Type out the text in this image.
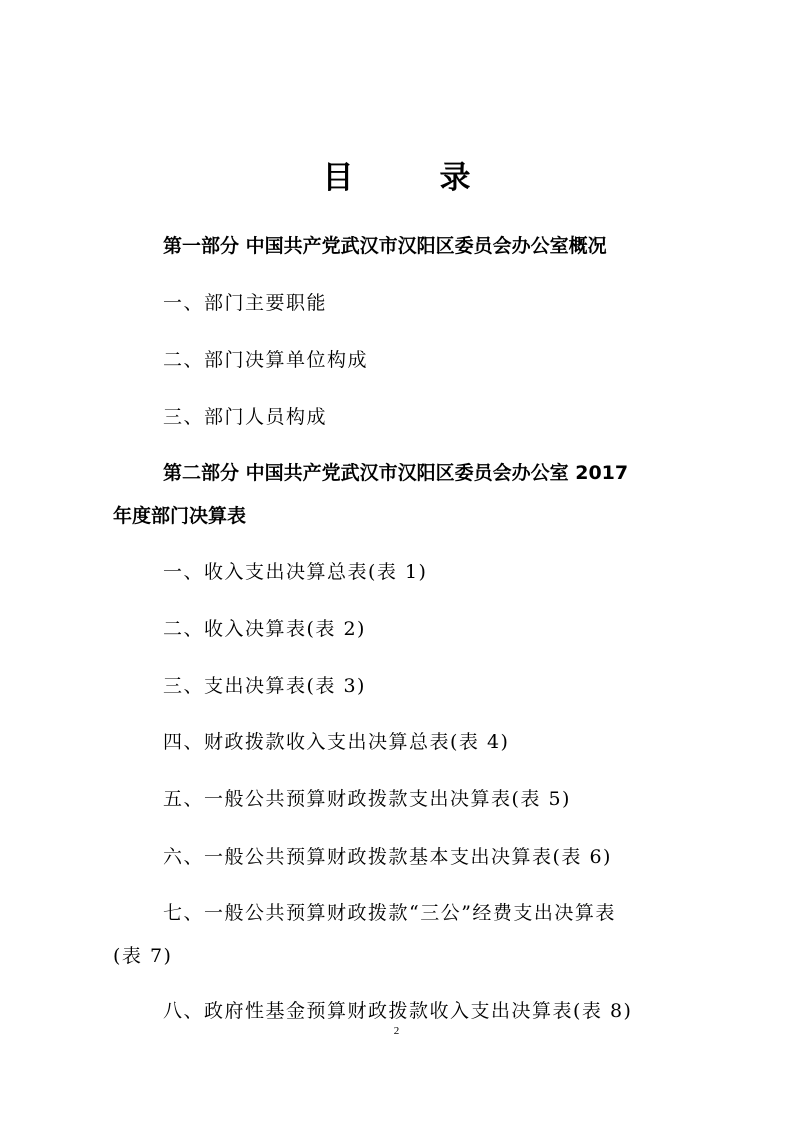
目	录
第一部分 中国共产党武汉市汉阳区委员会办公室概况
一、部门主要职能
二、部门决算单位构成
三、部门人员构成
第二部分 中国共产党武汉市汉阳区委员会办公室 2017
年度部门决算表
一、收入支出决算总表(表 1)
二、收入决算表(表 2)
三、支出决算表(表 3)
四、财政拨款收入支出决算总表(表 4)
五、一般公共预算财政拨款支出决算表(表 5)
六、一般公共预算财政拨款基本支出决算表(表 6)
七、一般公共预算财政拨款“三公”经费支出决算表
(表 7)
八、政府性基金预算财政拨款收入支出决算表(表 8)
2
